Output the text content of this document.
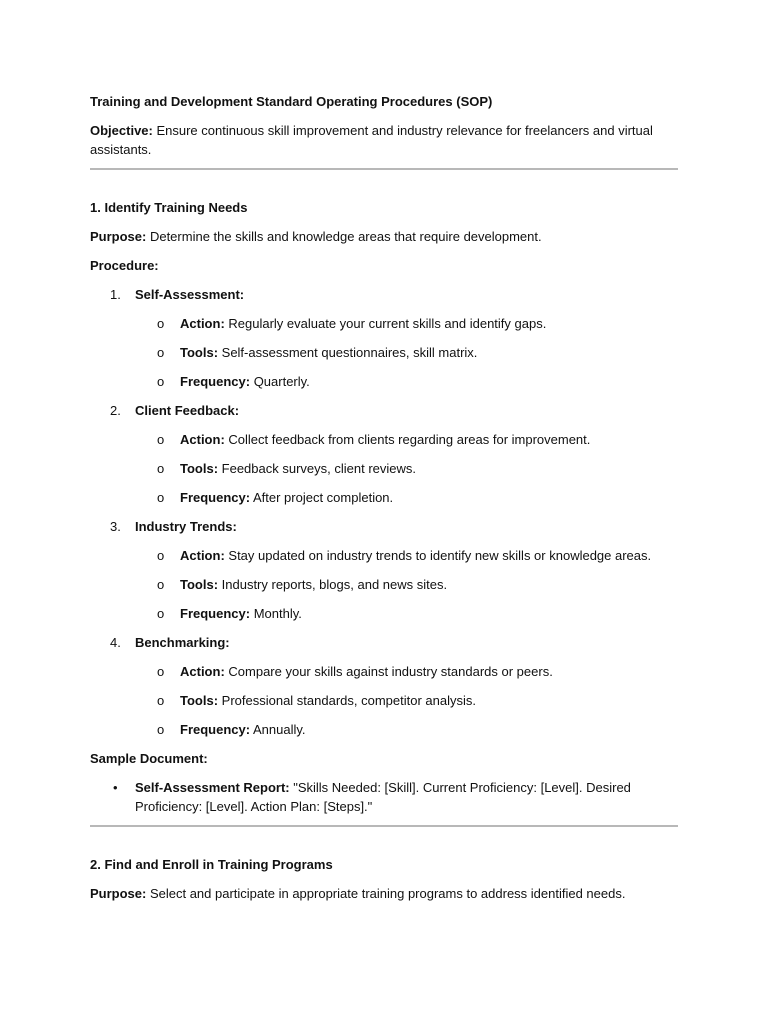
Training and Development Standard Operating Procedures (SOP)

Objective: Ensure continuous skill improvement and industry relevance for freelancers and virtual assistants.

1. Identify Training Needs

Purpose: Determine the skills and knowledge areas that require development.

Procedure:

1.	Self-Assessment:
o	Action: Regularly evaluate your current skills and identify gaps.
o	Tools: Self-assessment questionnaires, skill matrix.
o	Frequency: Quarterly.
2.	Client Feedback:
o	Action: Collect feedback from clients regarding areas for improvement.
o	Tools: Feedback surveys, client reviews.
o	Frequency: After project completion.
3.	Industry Trends:
o	Action: Stay updated on industry trends to identify new skills or knowledge areas.
o	Tools: Industry reports, blogs, and news sites.
o	Frequency: Monthly.
4.	Benchmarking:
o	Action: Compare your skills against industry standards or peers.
o	Tools: Professional standards, competitor analysis.
o	Frequency: Annually.

Sample Document:

•	Self-Assessment Report: "Skills Needed: [Skill]. Current Proficiency: [Level]. Desired Proficiency: [Level]. Action Plan: [Steps]."

2. Find and Enroll in Training Programs

Purpose: Select and participate in appropriate training programs to address identified needs.
